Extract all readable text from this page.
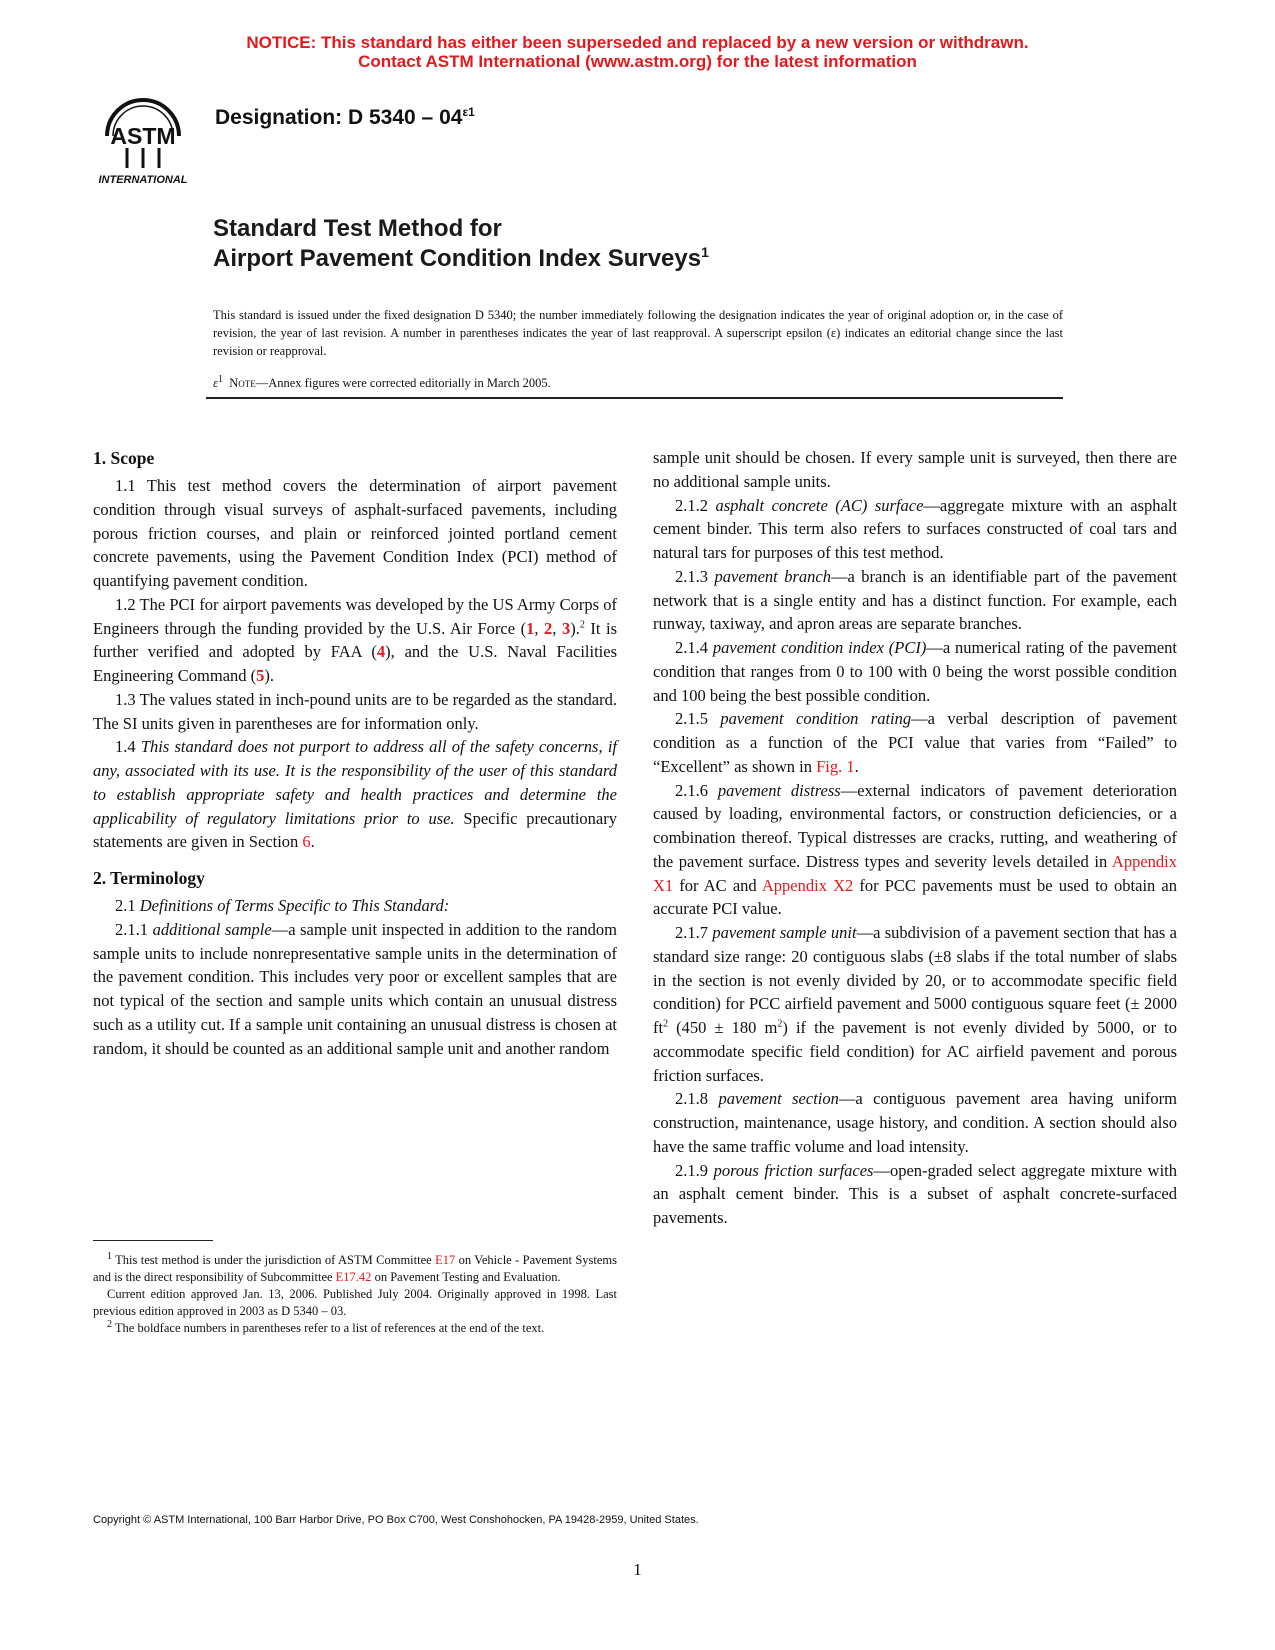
NOTICE: This standard has either been superseded and replaced by a new version or withdrawn.
Contact ASTM International (www.astm.org) for the latest information
ASTM
INTERNATIONAL
Designation: D $5340 - 04^{\varepsilon 1}$
Standard Test Method for
Airport Pavement Condition Index Surveys$^1$
This standard is issued under the fixed designation D 5340; the number immediately following the designation indicates the year of original adoption or, in the case of revision, the year of last revision. A number in parentheses indicates the year of last reapproval. A superscript epsilon (ε) indicates an editorial change since the last revision or reapproval.
$\varepsilon^1$ Note—Annex figures were corrected editorially in March 2005.
1. Scope

1.1 This test method covers the determination of airport pavement condition through visual surveys of asphalt-surfaced pavements, including porous friction courses, and plain or reinforced jointed portland cement concrete pavements, using the Pavement Condition Index (PCI) method of quantifying pavement condition.

1.2 The PCI for airport pavements was developed by the US Army Corps of Engineers through the funding provided by the U.S. Air Force (1, 2, 3).$^2$ It is further verified and adopted by FAA (4), and the U.S. Naval Facilities Engineering Command (5).

1.3 The values stated in inch-pound units are to be regarded as the standard. The SI units given in parentheses are for information only.

1.4 This standard does not purport to address all of the safety concerns, if any, associated with its use. It is the responsibility of the user of this standard to establish appropriate safety and health practices and determine the applicability of regulatory limitations prior to use. Specific precautionary statements are given in Section 6.

2. Terminology

2.1 Definitions of Terms Specific to This Standard:

2.1.1 additional sample—a sample unit inspected in addition to the random sample units to include nonrepresentative sample units in the determination of the pavement condition. This includes very poor or excellent samples that are not typical of the section and sample units which contain an unusual distress such as a utility cut. If a sample unit containing an unusual distress is chosen at random, it should be counted as an additional sample unit and another random

sample unit should be chosen. If every sample unit is surveyed, then there are no additional sample units.

2.1.2 asphalt concrete (AC) surface—aggregate mixture with an asphalt cement binder. This term also refers to surfaces constructed of coal tars and natural tars for purposes of this test method.

2.1.3 pavement branch—a branch is an identifiable part of the pavement network that is a single entity and has a distinct function. For example, each runway, taxiway, and apron areas are separate branches.

2.1.4 pavement condition index (PCI)—a numerical rating of the pavement condition that ranges from 0 to 100 with 0 being the worst possible condition and 100 being the best possible condition.

2.1.5 pavement condition rating—a verbal description of pavement condition as a function of the PCI value that varies from “Failed” to “Excellent” as shown in Fig. 1.

2.1.6 pavement distress—external indicators of pavement deterioration caused by loading, environmental factors, or construction deficiencies, or a combination thereof. Typical distresses are cracks, rutting, and weathering of the pavement surface. Distress types and severity levels detailed in Appendix X1 for AC and Appendix X2 for PCC pavements must be used to obtain an accurate PCI value.

2.1.7 pavement sample unit—a subdivision of a pavement section that has a standard size range: 20 contiguous slabs (±8 slabs if the total number of slabs in the section is not evenly divided by 20, or to accommodate specific field condition) for PCC airfield pavement and 5000 contiguous square feet (± 2000 $ft^2$ (450 ± 180 $m^2$) if the pavement is not evenly divided by 5000, or to accommodate specific field condition) for AC airfield pavement and porous friction surfaces.

2.1.8 pavement section—a contiguous pavement area having uniform construction, maintenance, usage history, and condition. A section should also have the same traffic volume and load intensity.

2.1.9 porous friction surfaces—open-graded select aggregate mixture with an asphalt cement binder. This is a subset of asphalt concrete-surfaced pavements.

$^1$ This test method is under the jurisdiction of ASTM Committee E17 on Vehicle - Pavement Systems and is the direct responsibility of Subcommittee E17.42 on Pavement Testing and Evaluation.

Current edition approved Jan. 13, 2006. Published July 2004. Originally approved in 1998. Last previous edition approved in 2003 as D 5340 – 03.

$^2$ The boldface numbers in parentheses refer to a list of references at the end of the text.

Copyright © ASTM International, 100 Barr Harbor Drive, PO Box C700, West Conshohocken, PA 19428-2959, United States.
1
